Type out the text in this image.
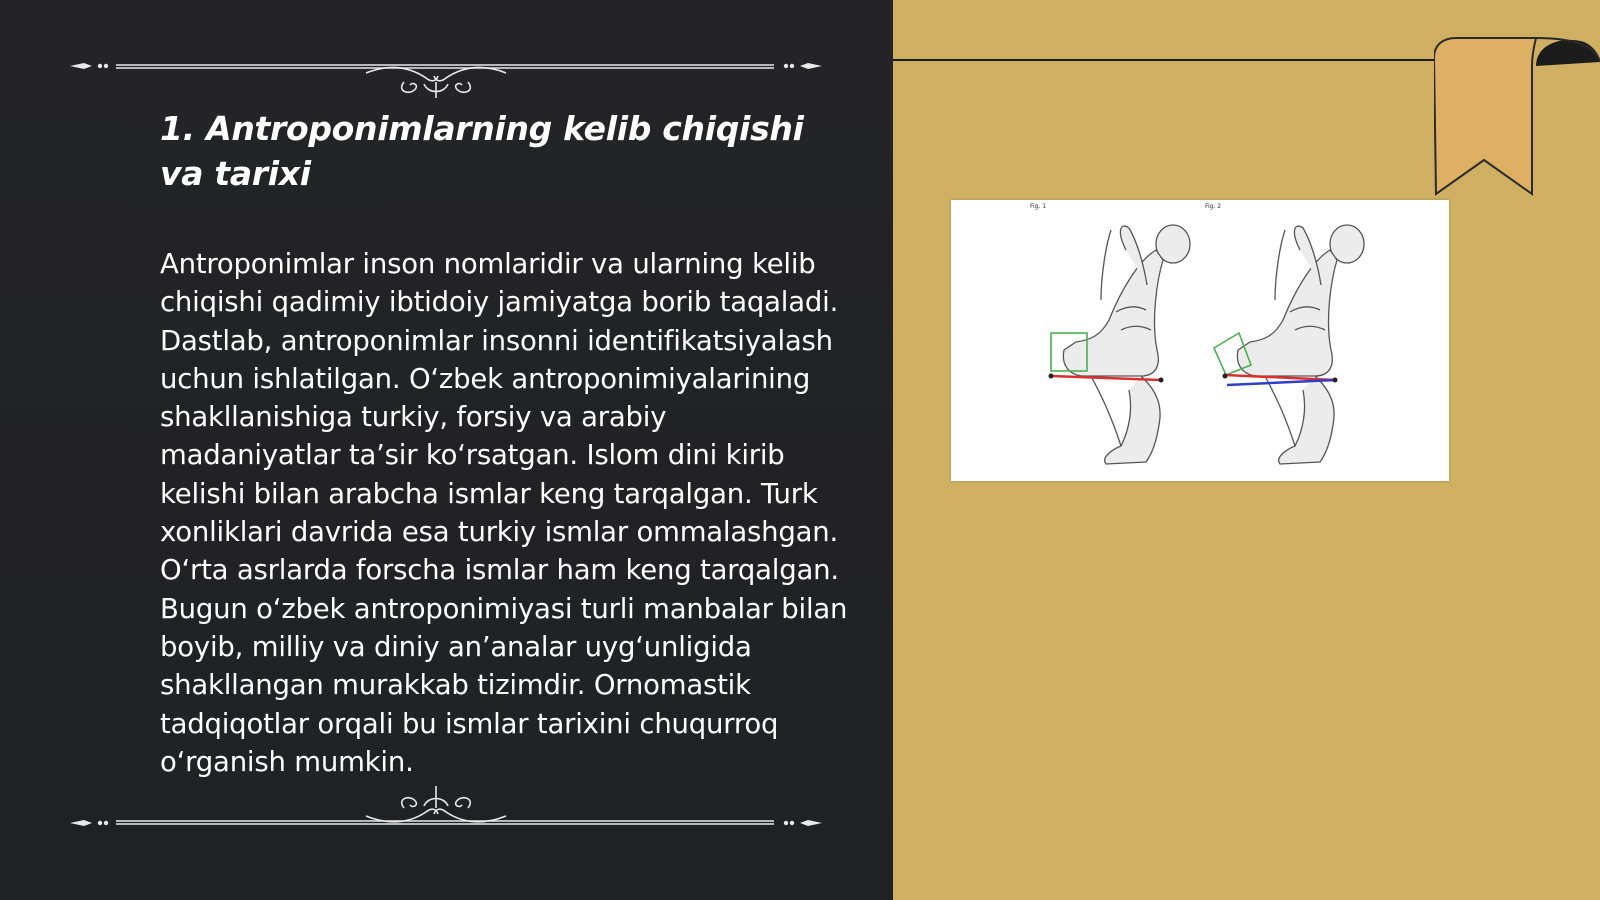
1. Antroponimlarning kelib chiqishi va tarixi

Antroponimlar inson nomlaridir va ularning kelib chiqishi qadimiy ibtidoiy jamiyatga borib taqaladi. Dastlab, antroponimlar insonni identifikatsiyalash uchun ishlatilgan. O‘zbek antroponimiyalarining shakllanishiga turkiy, forsiy va arabiy madaniyatlar ta’sir ko‘rsatgan. Islom dini kirib kelishi bilan arabcha ismlar keng tarqalgan. Turk xonliklari davrida esa turkiy ismlar ommalashgan. O‘rta asrlarda forscha ismlar ham keng tarqalgan. Bugun o‘zbek antroponimiyasi turli manbalar bilan boyib, milliy va diniy an’analar uyg‘unligida shakllangan murakkab tizimdir. Ornomastik tadqiqotlar orqali bu ismlar tarixini chuqurroq o‘rganish mumkin.

Fig. 1	Fig. 2
